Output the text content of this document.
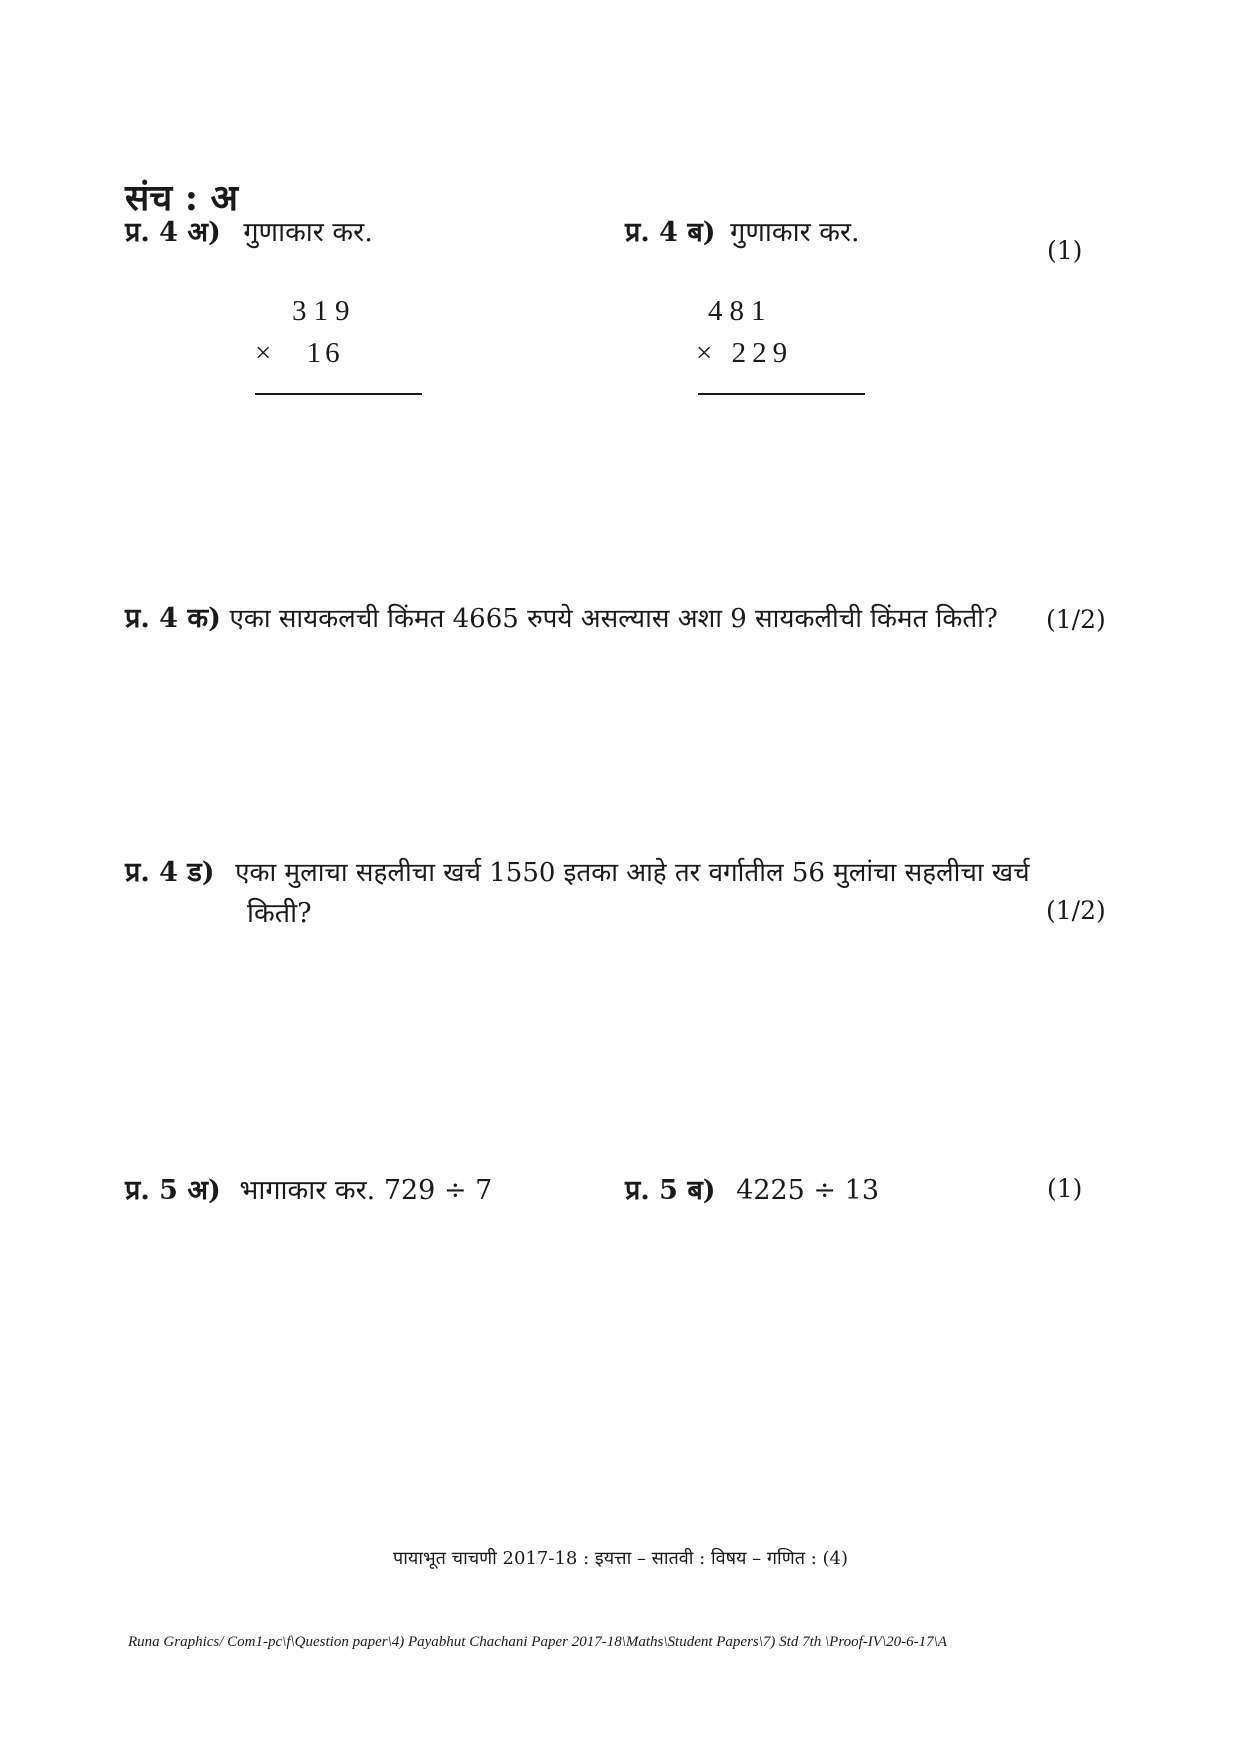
संच : अ
प्र. 4 अ) गुणाकार कर.
319
× 16
प्र. 4 ब) गुणाकार कर.
(1)
481
× 229
प्र. 4 क) एका सायकलची किंमत 4665 रुपये असल्यास अशा 9 सायकलीची किंमत किती? (1/2)
प्र. 4 ड) एका मुलाचा सहलीचा खर्च 1550 इतका आहे तर वर्गातील 56 मुलांचा सहलीचा खर्च
किती?	(1/2)
प्र. 5 अ) भागाकार कर. 729 ÷ 7	प्र. 5 ब) 4225 ÷ 13	(1)
पायाभूत चाचणी 2017-18 : इयत्ता – सातवी : विषय – गणित : (4)
Runa Graphics/ Com1-pc\f\Question paper\4) Payabhut Chachani Paper 2017-18\Maths\Student Papers\7) Std 7th \Proof-IV\20-6-17\A
